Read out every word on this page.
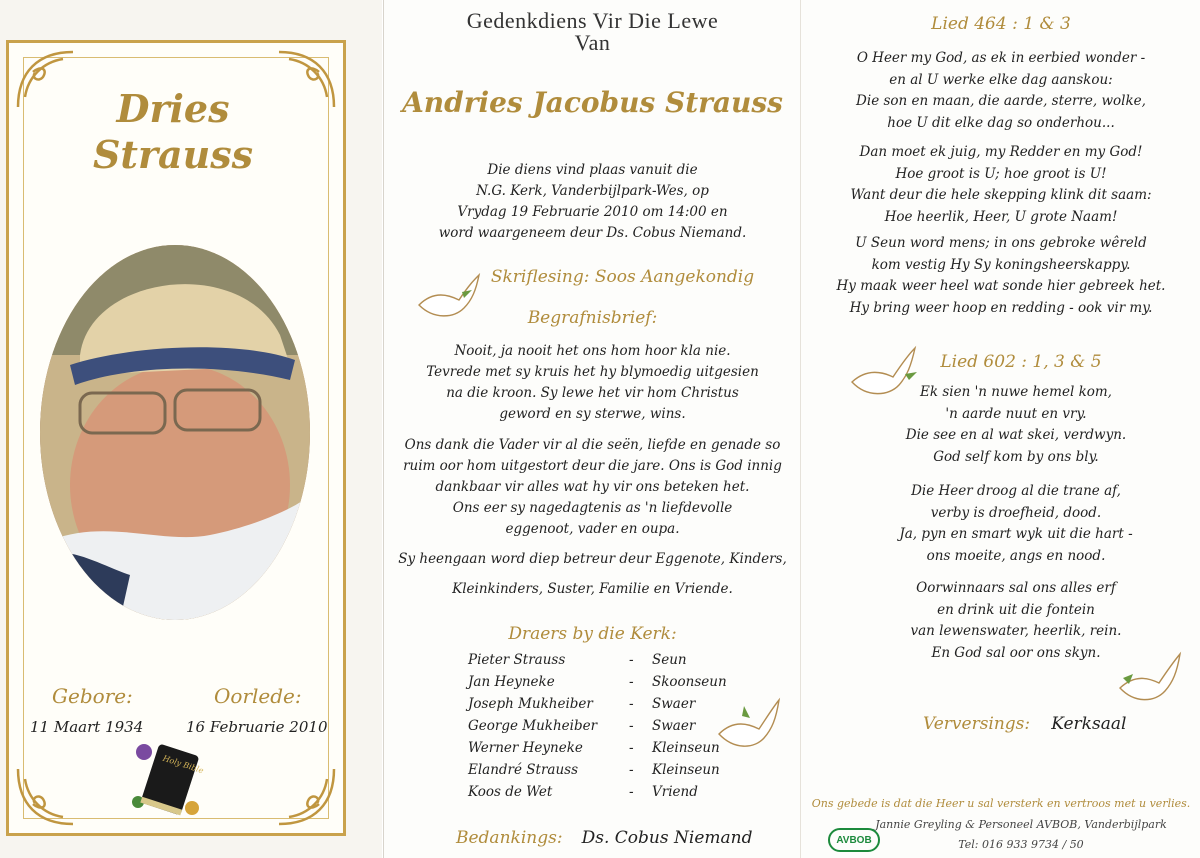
Dries
Strauss
Gebore:	Oorlede:
11 Maart 1934	16 Februarie 2010
Holy Bible
Gedenkdiens Vir Die Lewe
Van
Andries Jacobus Strauss
Die diens vind plaas vanuit die
N.G. Kerk, Vanderbijlpark-Wes, op
Vrydag 19 Februarie 2010 om 14:00 en
word waargeneem deur Ds. Cobus Niemand.
Skriflesing: Soos Aangekondig
Begrafnisbrief:
Nooit, ja nooit het ons hom hoor kla nie.
Tevrede met sy kruis het hy blymoedig uitgesien
na die kroon. Sy lewe het vir hom Christus
geword en sy sterwe, wins.
Ons dank die Vader vir al die seën, liefde en genade so
ruim oor hom uitgestort deur die jare. Ons is God innig
dankbaar vir alles wat hy vir ons beteken het.
Ons eer sy nagedagtenis as 'n liefdevolle
eggenoot, vader en oupa.
Sy heengaan word diep betreur deur Eggenote, Kinders,
Kleinkinders, Suster, Familie en Vriende.
Draers by die Kerk:
Pieter Strauss	- Seun
Jan Heyneke	- Skoonseun
Joseph Mukheiber	- Swaer
George Mukheiber - Swaer
Werner Heyneke	- Kleinseun
Elandré Strauss	- Kleinseun
Koos de Wet	- Vriend
Bedankings: Ds. Cobus Niemand
Lied 464 : 1 & 3
O Heer my God, as ek in eerbied wonder -
en al U werke elke dag aanskou:
Die son en maan, die aarde, sterre, wolke,
hoe U dit elke dag so onderhou...
Dan moet ek juig, my Redder en my God!
Hoe groot is U; hoe groot is U!
Want deur die hele skepping klink dit saam:
Hoe heerlik, Heer, U grote Naam!
U Seun word mens; in ons gebroke wêreld
kom vestig Hy Sy koningsheerskappy.
Hy maak weer heel wat sonde hier gebreek het.
Hy bring weer hoop en redding - ook vir my.
Lied 602 : 1, 3 & 5
Ek sien 'n nuwe hemel kom,
'n aarde nuut en vry.
Die see en al wat skei, verdwyn.
God self kom by ons bly.
Die Heer droog al die trane af,
verby is droefheid, dood.
Ja, pyn en smart wyk uit die hart -
ons moeite, angs en nood.
Oorwinnaars sal ons alles erf
en drink uit die fontein
van lewenswater, heerlik, rein.
En God sal oor ons skyn.
Verversings: Kerksaal
Ons gebede is dat die Heer u sal versterk en vertroos met u verlies.
Jannie Greyling & Personeel AVBOB, Vanderbijlpark
Tel: 016 933 9734 / 50
AVBOB
